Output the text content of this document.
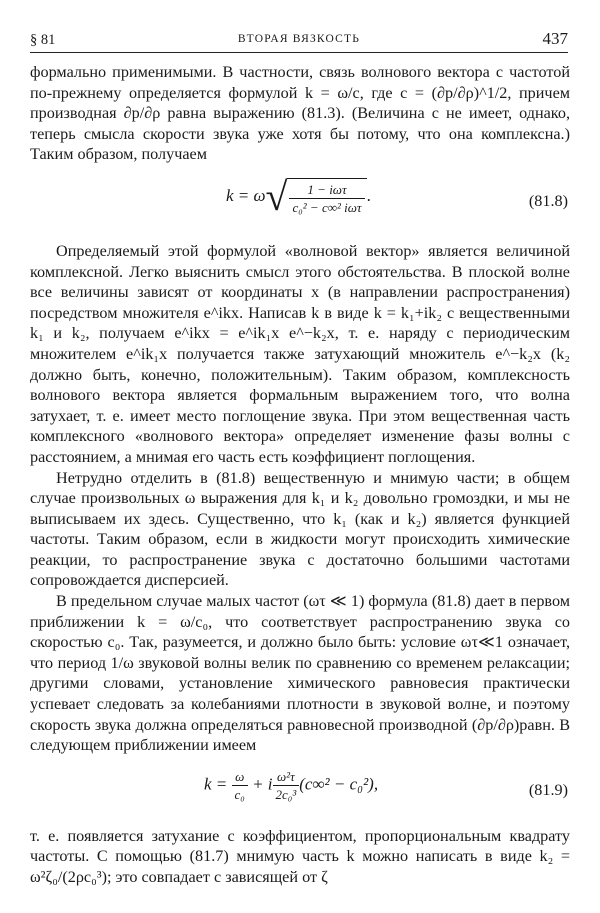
§ 81	ВТОРАЯ ВЯЗКОСТЬ	437

формально применимыми. В частности, связь волнового вектора с частотой по-прежнему определяется формулой k = ω/c, где c = (∂p/∂ρ)^1/2, причем производная ∂p/∂ρ равна выражению (81.3). (Величина c не имеет, однако, теперь смысла скорости звука уже хотя бы потому, что она комплексна.) Таким образом, получаем

$k = \omega√ \frac{\text{1 − iωτ}}{\text{c₀² − c∞² iωτ}}$ .	(81.8)

Определяемый этой формулой «волновой вектор» является величиной комплексной. Легко выяснить смысл этого обстоятельства. В плоской волне все величины зависят от координаты x (в направлении распространения) посредством множителя e^ikx. Написав k в виде k = k₁+ik₂ с вещественными k₁ и k₂, получаем e^ikx = e^ik₁x e^−k₂x, т. е. наряду с периодическим множителем e^ik₁x получается также затухающий множитель e^−k₂x (k₂ должно быть, конечно, положительным). Таким образом, комплексность волнового вектора является формальным выражением того, что волна затухает, т. е. имеет место поглощение звука. При этом вещественная часть комплексного «волнового вектора» определяет изменение фазы волны с расстоянием, а мнимая его часть есть коэффициент поглощения.

Нетрудно отделить в (81.8) вещественную и мнимую части; в общем случае произвольных ω выражения для k₁ и k₂ довольно громоздки, и мы не выписываем их здесь. Существенно, что k₁ (как и k₂) является функцией частоты. Таким образом, если в жидкости могут происходить химические реакции, то распространение звука с достаточно большими частотами сопровождается дисперсией.

В предельном случае малых частот (ωτ ≪ 1) формула (81.8) дает в первом приближении k = ω/c₀, что соответствует распространению звука со скоростью c₀. Так, разумеется, и должно было быть: условие ωτ≪1 означает, что период 1/ω звуковой волны велик по сравнению со временем релаксации; другими словами, установление химического равновесия практически успевает следовать за колебаниями плотности в звуковой волне, и поэтому скорость звука должна определяться равновесной производной (∂p/∂ρ)равн. В следующем приближении имеем

$k = \frac{\omega}{\text{c₀}} + i \frac{\text{ω²τ}}{\text{2c₀³}} (c\infty^2 - c_0^2)$,	(81.9)

т. е. появляется затухание с коэффициентом, пропорциональным квадрату частоты. С помощью (81.7) мнимую часть k можно написать в виде k₂ = ω²ζ₀/(2ρc₀³); это совпадает с зависящей от ζ
